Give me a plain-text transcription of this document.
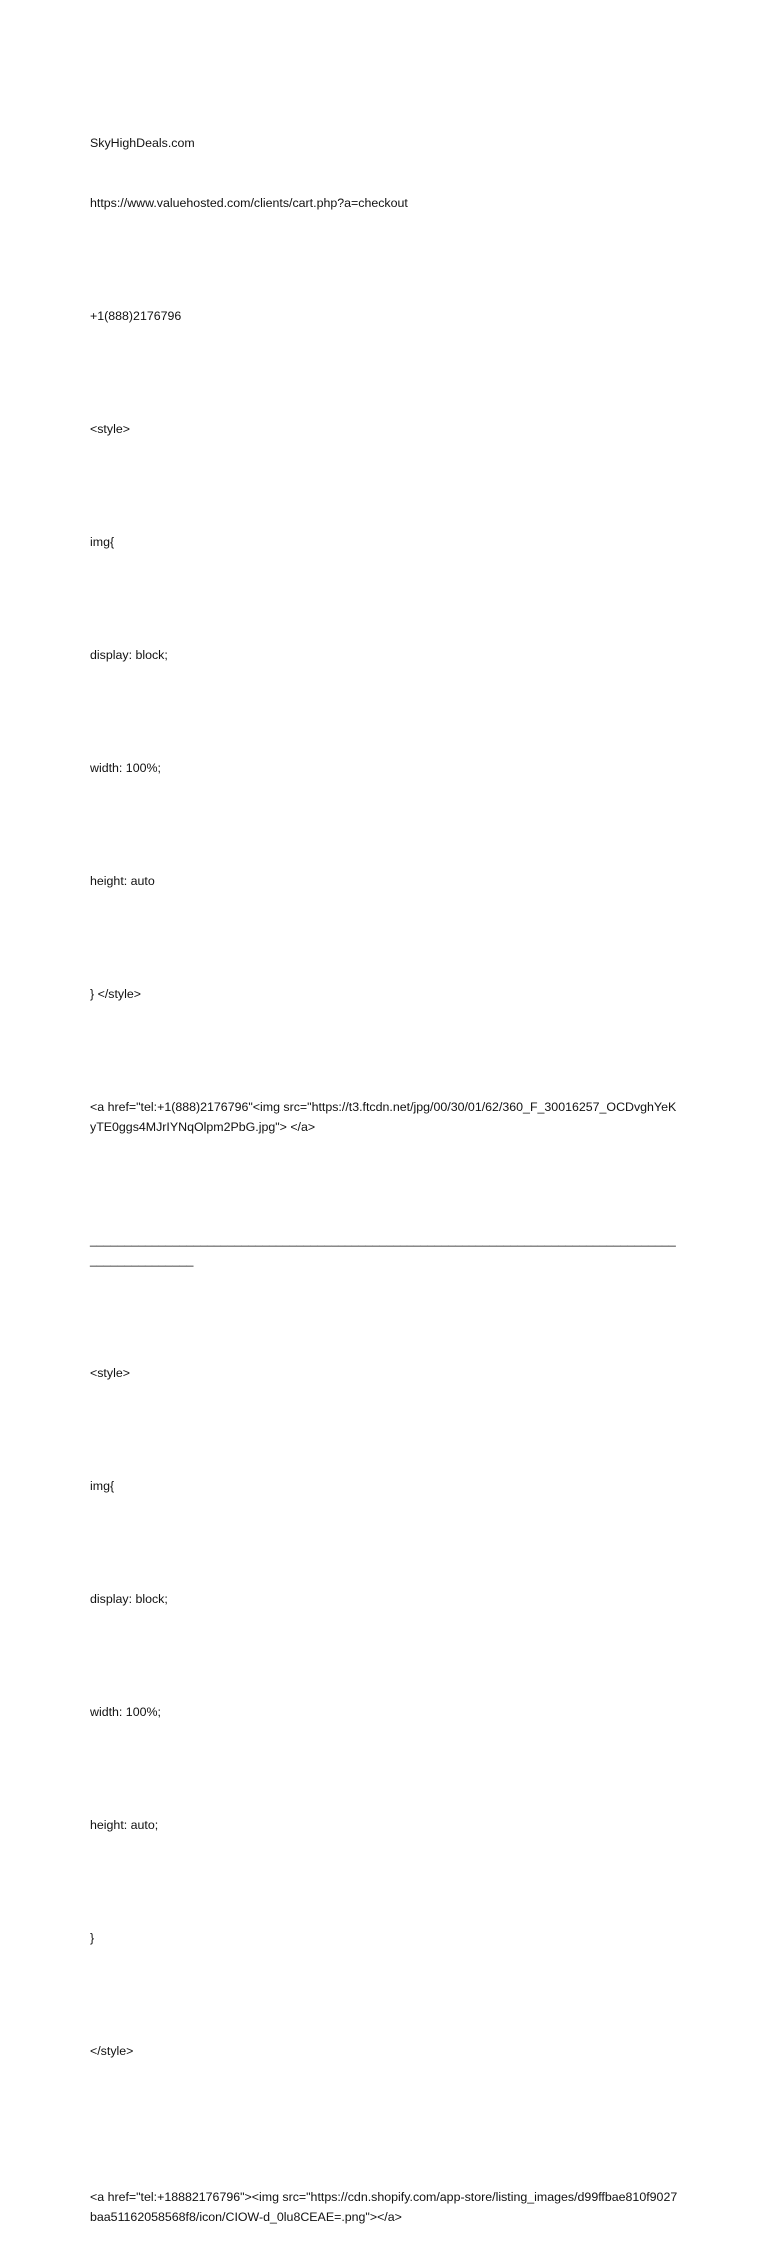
SkyHighDeals.com

https://www.valuehosted.com/clients/cart.php?a=checkout

+1(888)2176796

<style>

img{

display: block;

width: 100%;

height: auto

} </style>

<a href="tel:+1(888)2176796"<img src="https://t3.ftcdn.net/jpg/00/30/01/62/360_F_30016257_OCDvghYeKyTE0ggs4MJrIYNqOlpm2PbG.jpg"> </a>

____________________________________________________________________________________________________

<style>

img{

display: block;

width: 100%;

height: auto;

}

</style>

<a href="tel:+18882176796"><img src="https://cdn.shopify.com/app-store/listing_images/d99ffbae810f9027baa51162058568f8/icon/CIOW-d_0lu8CEAE=.png"></a>
